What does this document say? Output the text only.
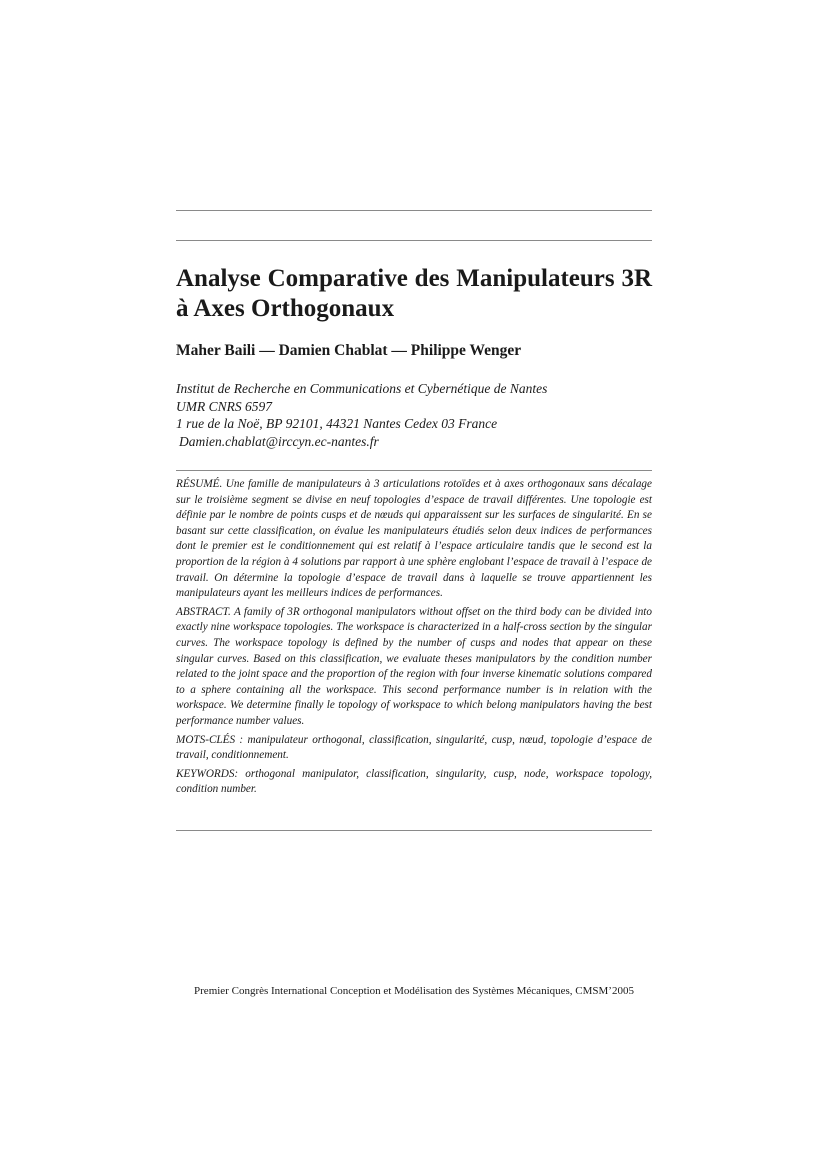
Analyse Comparative des Manipulateurs 3R à Axes Orthogonaux
Maher Baili — Damien Chablat — Philippe Wenger
Institut de Recherche en Communications et Cybernétique de Nantes
UMR CNRS 6597
1 rue de la Noë, BP 92101, 44321 Nantes Cedex 03 France
Damien.chablat@irccyn.ec-nantes.fr

RÉSUMÉ. Une famille de manipulateurs à 3 articulations rotoïdes et à axes orthogonaux sans décalage sur le troisième segment se divise en neuf topologies d’espace de travail différentes. Une topologie est définie par le nombre de points cusps et de nœuds qui apparaissent sur les surfaces de singularité. En se basant sur cette classification, on évalue les manipulateurs étudiés selon deux indices de performances dont le premier est le conditionnement qui est relatif à l’espace articulaire tandis que le second est la proportion de la région à 4 solutions par rapport à une sphère englobant l’espace de travail à l’espace de travail. On détermine la topologie d’espace de travail dans à laquelle se trouve appartiennent les manipulateurs ayant les meilleurs indices de performances.

ABSTRACT. A family of 3R orthogonal manipulators without offset on the third body can be divided into exactly nine workspace topologies. The workspace is characterized in a half-cross section by the singular curves. The workspace topology is defined by the number of cusps and nodes that appear on these singular curves. Based on this classification, we evaluate theses manipulators by the condition number related to the joint space and the proportion of the region with four inverse kinematic solutions compared to a sphere containing all the workspace. This second performance number is in relation with the workspace. We determine finally le topology of workspace to which belong manipulators having the best performance number values.

MOTS-CLÉS : manipulateur orthogonal, classification, singularité, cusp, nœud, topologie d’espace de travail, conditionnement.

KEYWORDS: orthogonal manipulator, classification, singularity, cusp, node, workspace topology, condition number.

Premier Congrès International Conception et Modélisation des Systèmes Mécaniques, CMSM’2005
